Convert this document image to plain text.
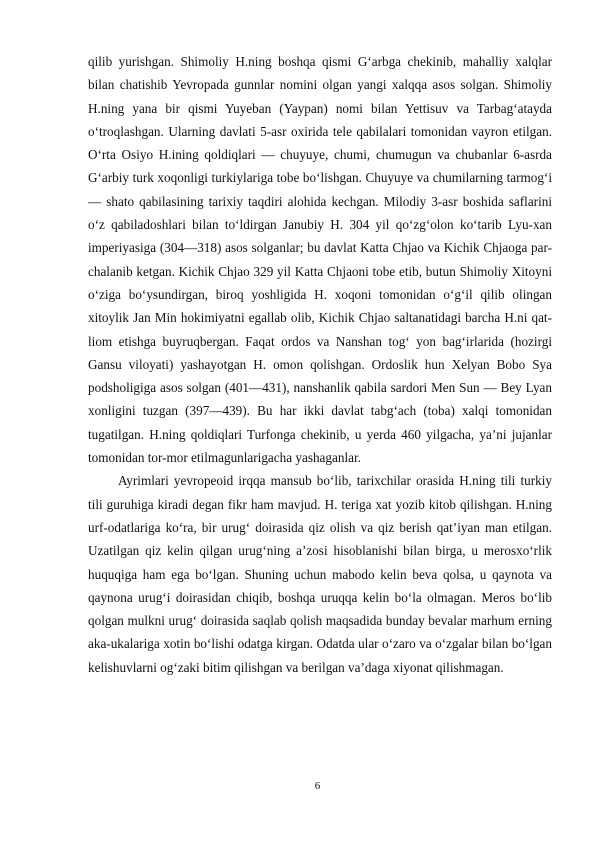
qilib yurishgan. Shimoliy H.ning boshqa qismi G‘arbga chekinib, mahalliy xalqlar bilan chatishib Yevropada gunnlar nomini olgan yangi xalqqa asos solgan. Shimoliy H.ning yana bir qismi Yuyeban (Yaypan) nomi bilan Yettisuv va Tarbag‘atayda o‘troqlashgan. Ularning davlati 5-asr oxirida tele qabilalari tomonidan vayron etilgan. O‘rta Osiyo H.ining qoldiqlari — chuyuye, chumi, chumugun va chubanlar 6-asrda G‘arbiy turk xoqonligi turkiylariga tobe bo‘lishgan. Chuyuye va chumilarning tarmog‘i — shato qabilasining tarixiy taqdiri alohida kechgan. Milodiy 3-asr boshida saflarini o‘z qabiladoshlari bilan to‘ldirgan Janubiy H. 304 yil qo‘zg‘olon ko‘tarib Lyu-xan imperiyasiga (304—318) asos solganlar; bu davlat Katta Chjao va Kichik Chjaoga par-chalanib ketgan. Kichik Chjao 329 yil Katta Chjaoni tobe etib, butun Shimoliy Xitoyni o‘ziga bo‘ysundirgan, biroq yoshligida H. xoqoni tomonidan o‘g‘il qilib olingan xitoylik Jan Min hokimiyatni egallab olib, Kichik Chjao saltanatidagi barcha H.ni qat-liom etishga buyruqbergan. Faqat ordos va Nanshan tog‘ yon bag‘irlarida (hozirgi Gansu viloyati) yashayotgan H. omon qolishgan. Ordoslik hun Xelyan Bobo Sya podsholigiga asos solgan (401—431), nanshanlik qabila sardori Men Sun — Bey Lyan xonligini tuzgan (397—439). Bu har ikki davlat tabg‘ach (toba) xalqi tomonidan tugatilgan. H.ning qoldiqlari Turfonga chekinib, u yerda 460 yilgacha, ya’ni jujanlar tomonidan tor-mor etilmagunlarigacha yashaganlar.

Ayrimlari yevropeoid irqqa mansub bo‘lib, tarixchilar orasida H.ning tili turkiy tili guruhiga kiradi degan fikr ham mavjud. H. teriga xat yozib kitob qilishgan. H.ning urf-odatlariga ko‘ra, bir urug‘ doirasida qiz olish va qiz berish qat’iyan man etilgan. Uzatilgan qiz kelin qilgan urug‘ning a’zosi hisoblanishi bilan birga, u merosxo‘rlik huquqiga ham ega bo‘lgan. Shuning uchun mabodo kelin beva qolsa, u qaynota va qaynona urug‘i doirasidan chiqib, boshqa uruqqa kelin bo‘la olmagan. Meros bo‘lib qolgan mulkni urug‘ doirasida saqlab qolish maqsadida bunday bevalar marhum erning aka-ukalariga xotin bo‘lishi odatga kirgan. Odatda ular o‘zaro va o‘zgalar bilan bo‘lgan kelishuvlarni og‘zaki bitim qilishgan va berilgan va’daga xiyonat qilishmagan.

6
